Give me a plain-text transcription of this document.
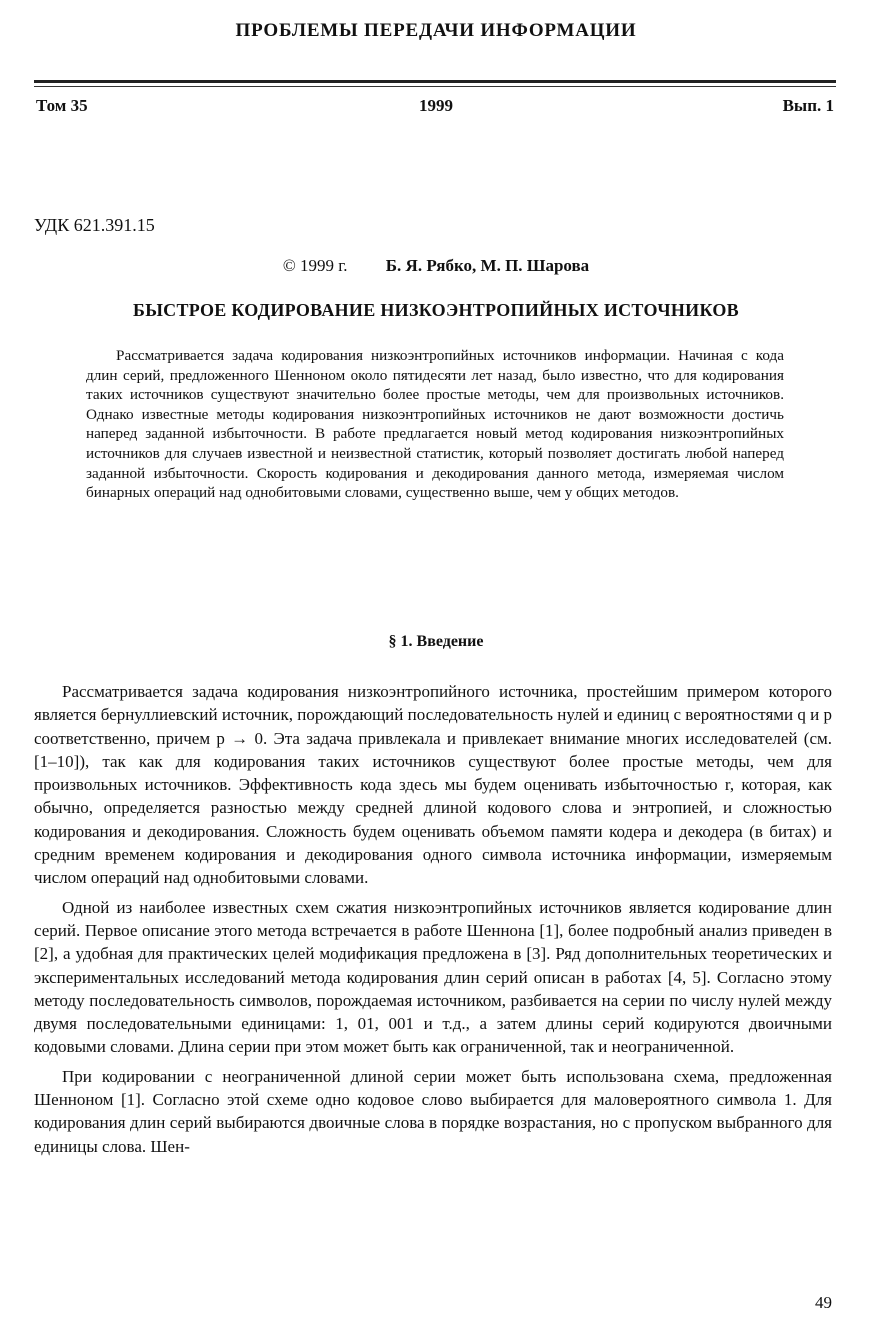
ПРОБЛЕМЫ ПЕРЕДАЧИ ИНФОРМАЦИИ
1999
Том 35	Вып. 1
УДК 621.391.15
© 1999 г. Б. Я. Рябко, М. П. Шарова
БЫСТРОЕ КОДИРОВАНИЕ НИЗКОЭНТРОПИЙНЫХ ИСТОЧНИКОВ

Рассматривается задача кодирования низкоэнтропийных источников информации. Начиная с кода длин серий, предложенного Шенноном около пятидесяти лет назад, было известно, что для кодирования таких источников существуют значительно более простые методы, чем для произвольных источников. Однако известные методы кодирования низкоэнтропийных источников не дают возможности достичь наперед заданной избыточности. В работе предлагается новый метод кодирования низкоэнтропийных источников для случаев известной и неизвестной статистик, который позволяет достигать любой наперед заданной избыточности. Скорость кодирования и декодирования данного метода, измеряемая числом бинарных операций над однобитовыми словами, существенно выше, чем у общих методов.

§ 1. Введение

Рассматривается задача кодирования низкоэнтропийного источника, простейшим примером которого является бернуллиевский источник, порождающий последовательность нулей и единиц с вероятностями q и p соответственно, причем p → 0. Эта задача привлекала и привлекает внимание многих исследователей (см. [1–10]), так как для кодирования таких источников существуют более простые методы, чем для произвольных источников. Эффективность кода здесь мы будем оценивать избыточностью r, которая, как обычно, определяется разностью между средней длиной кодового слова и энтропией, и сложностью кодирования и декодирования. Сложность будем оценивать объемом памяти кодера и декодера (в битах) и средним временем кодирования и декодирования одного символа источника информации, измеряемым числом операций над однобитовыми словами.

Одной из наиболее известных схем сжатия низкоэнтропийных источников является кодирование длин серий. Первое описание этого метода встречается в работе Шеннона [1], более подробный анализ приведен в [2], а удобная для практических целей модификация предложена в [3]. Ряд дополнительных теоретических и экспериментальных исследований метода кодирования длин серий описан в работах [4, 5]. Согласно этому методу последовательность символов, порождаемая источником, разбивается на серии по числу нулей между двумя последовательными единицами: 1, 01, 001 и т.д., а затем длины серий кодируются двоичными кодовыми словами. Длина серии при этом может быть как ограниченной, так и неограниченной.

При кодировании с неограниченной длиной серии может быть использована схема, предложенная Шенноном [1]. Согласно этой схеме одно кодовое слово выбирается для маловероятного символа 1. Для кодирования длин серий выбираются двоичные слова в порядке возрастания, но с пропуском выбранного для единицы слова. Шен-

49
